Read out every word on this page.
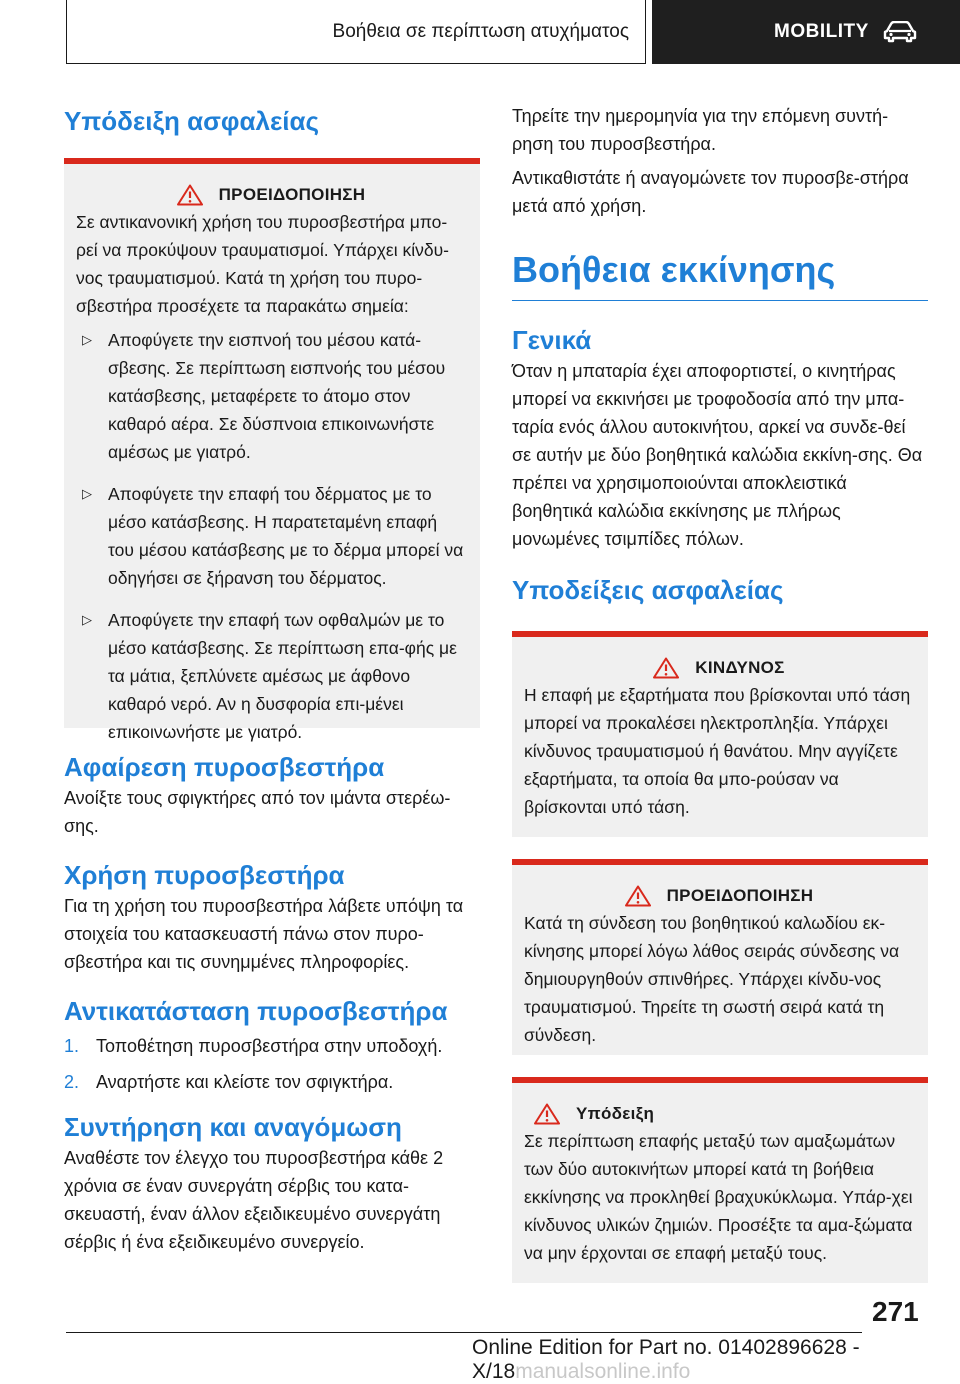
Βοήθεια σε περίπτωση ατυχήματος	MOBILITY
Υπόδειξη ασφαλείας
ΠΡΟΕΙΔΟΠΟΙΗΣΗ

Σε αντικανονική χρήση του πυροσβεστήρα μπο-ρεί να προκύψουν τραυματισμοί. Υπάρχει κίνδυ-νος τραυματισμού. Κατά τη χρήση του πυρο-σβεστήρα προσέχετε τα παρακάτω σημεία:

▷ Αποφύγετε την εισπνοή του μέσου κατά-σβεσης. Σε περίπτωση εισπνοής του μέσου κατάσβεσης, μεταφέρετε το άτομο στον καθαρό αέρα. Σε δύσπνοια επικοινωνήστε αμέσως με γιατρό.
▷ Αποφύγετε την επαφή του δέρματος με το μέσο κατάσβεσης. Η παρατεταμένη επαφή του μέσου κατάσβεσης με το δέρμα μπορεί να οδηγήσει σε ξήρανση του δέρματος.
▷ Αποφύγετε την επαφή των οφθαλμών με το μέσο κατάσβεσης. Σε περίπτωση επα-φής με τα μάτια, ξεπλύνετε αμέσως με άφθονο καθαρό νερό. Αν η δυσφορία επι-μένει επικοινωνήστε με γιατρό.
Αφαίρεση πυροσβεστήρα

Ανοίξτε τους σφιγκτήρες από τον ιμάντα στερέω-σης.

Χρήση πυροσβεστήρα

Για τη χρήση του πυροσβεστήρα λάβετε υπόψη τα στοιχεία του κατασκευαστή πάνω στον πυρο-σβεστήρα και τις συνημμένες πληροφορίες.

Αντικατάσταση πυροσβεστήρα
1. Τοποθέτηση πυροσβεστήρα στην υποδοχή.
2. Αναρτήστε και κλείστε τον σφιγκτήρα.
Συντήρηση και αναγόμωση

Αναθέστε τον έλεγχο του πυροσβεστήρα κάθε 2 χρόνια σε έναν συνεργάτη σέρβις του κατα-σκευαστή, έναν άλλον εξειδικευμένο συνεργάτη σέρβις ή ένα εξειδικευμένο συνεργείο.

Τηρείτε την ημερομηνία για την επόμενη συντή-ρηση του πυροσβεστήρα.

Αντικαθιστάτε ή αναγομώνετε τον πυροσβε-στήρα μετά από χρήση.

Βοήθεια εκκίνησης
Γενικά

Όταν η μπαταρία έχει αποφορτιστεί, ο κινητήρας μπορεί να εκκινήσει με τροφοδοσία από την μπα-ταρία ενός άλλου αυτοκινήτου, αρκεί να συνδε-θεί σε αυτήν με δύο βοηθητικά καλώδια εκκίνη-σης. Θα πρέπει να χρησιμοποιούνται αποκλειστικά βοηθητικά καλώδια εκκίνησης με πλήρως μονωμένες τσιμπίδες πόλων.

Υποδείξεις ασφαλείας
ΚΙΝΔΥΝΟΣ

Η επαφή με εξαρτήματα που βρίσκονται υπό τάση μπορεί να προκαλέσει ηλεκτροπληξία. Υπάρχει κίνδυνος τραυματισμού ή θανάτου. Μην αγγίζετε εξαρτήματα, τα οποία θα μπο-ρούσαν να βρίσκονται υπό τάση.

ΠΡΟΕΙΔΟΠΟΙΗΣΗ

Κατά τη σύνδεση του βοηθητικού καλωδίου εκ-κίνησης μπορεί λόγω λάθος σειράς σύνδεσης να δημιουργηθούν σπινθήρες. Υπάρχει κίνδυ-νος τραυματισμού. Τηρείτε τη σωστή σειρά κατά τη σύνδεση.

Υπόδειξη

Σε περίπτωση επαφής μεταξύ των αμαξωμάτων των δύο αυτοκινήτων μπορεί κατά τη βοήθεια εκκίνησης να προκληθεί βραχυκύκλωμα. Υπάρ-χει κίνδυνος υλικών ζημιών. Προσέξτε τα αμα-ξώματα να μην έρχονται σε επαφή μεταξύ τους.

271
Online Edition for Part no. 01402896628 - X/18manualsonline.info
